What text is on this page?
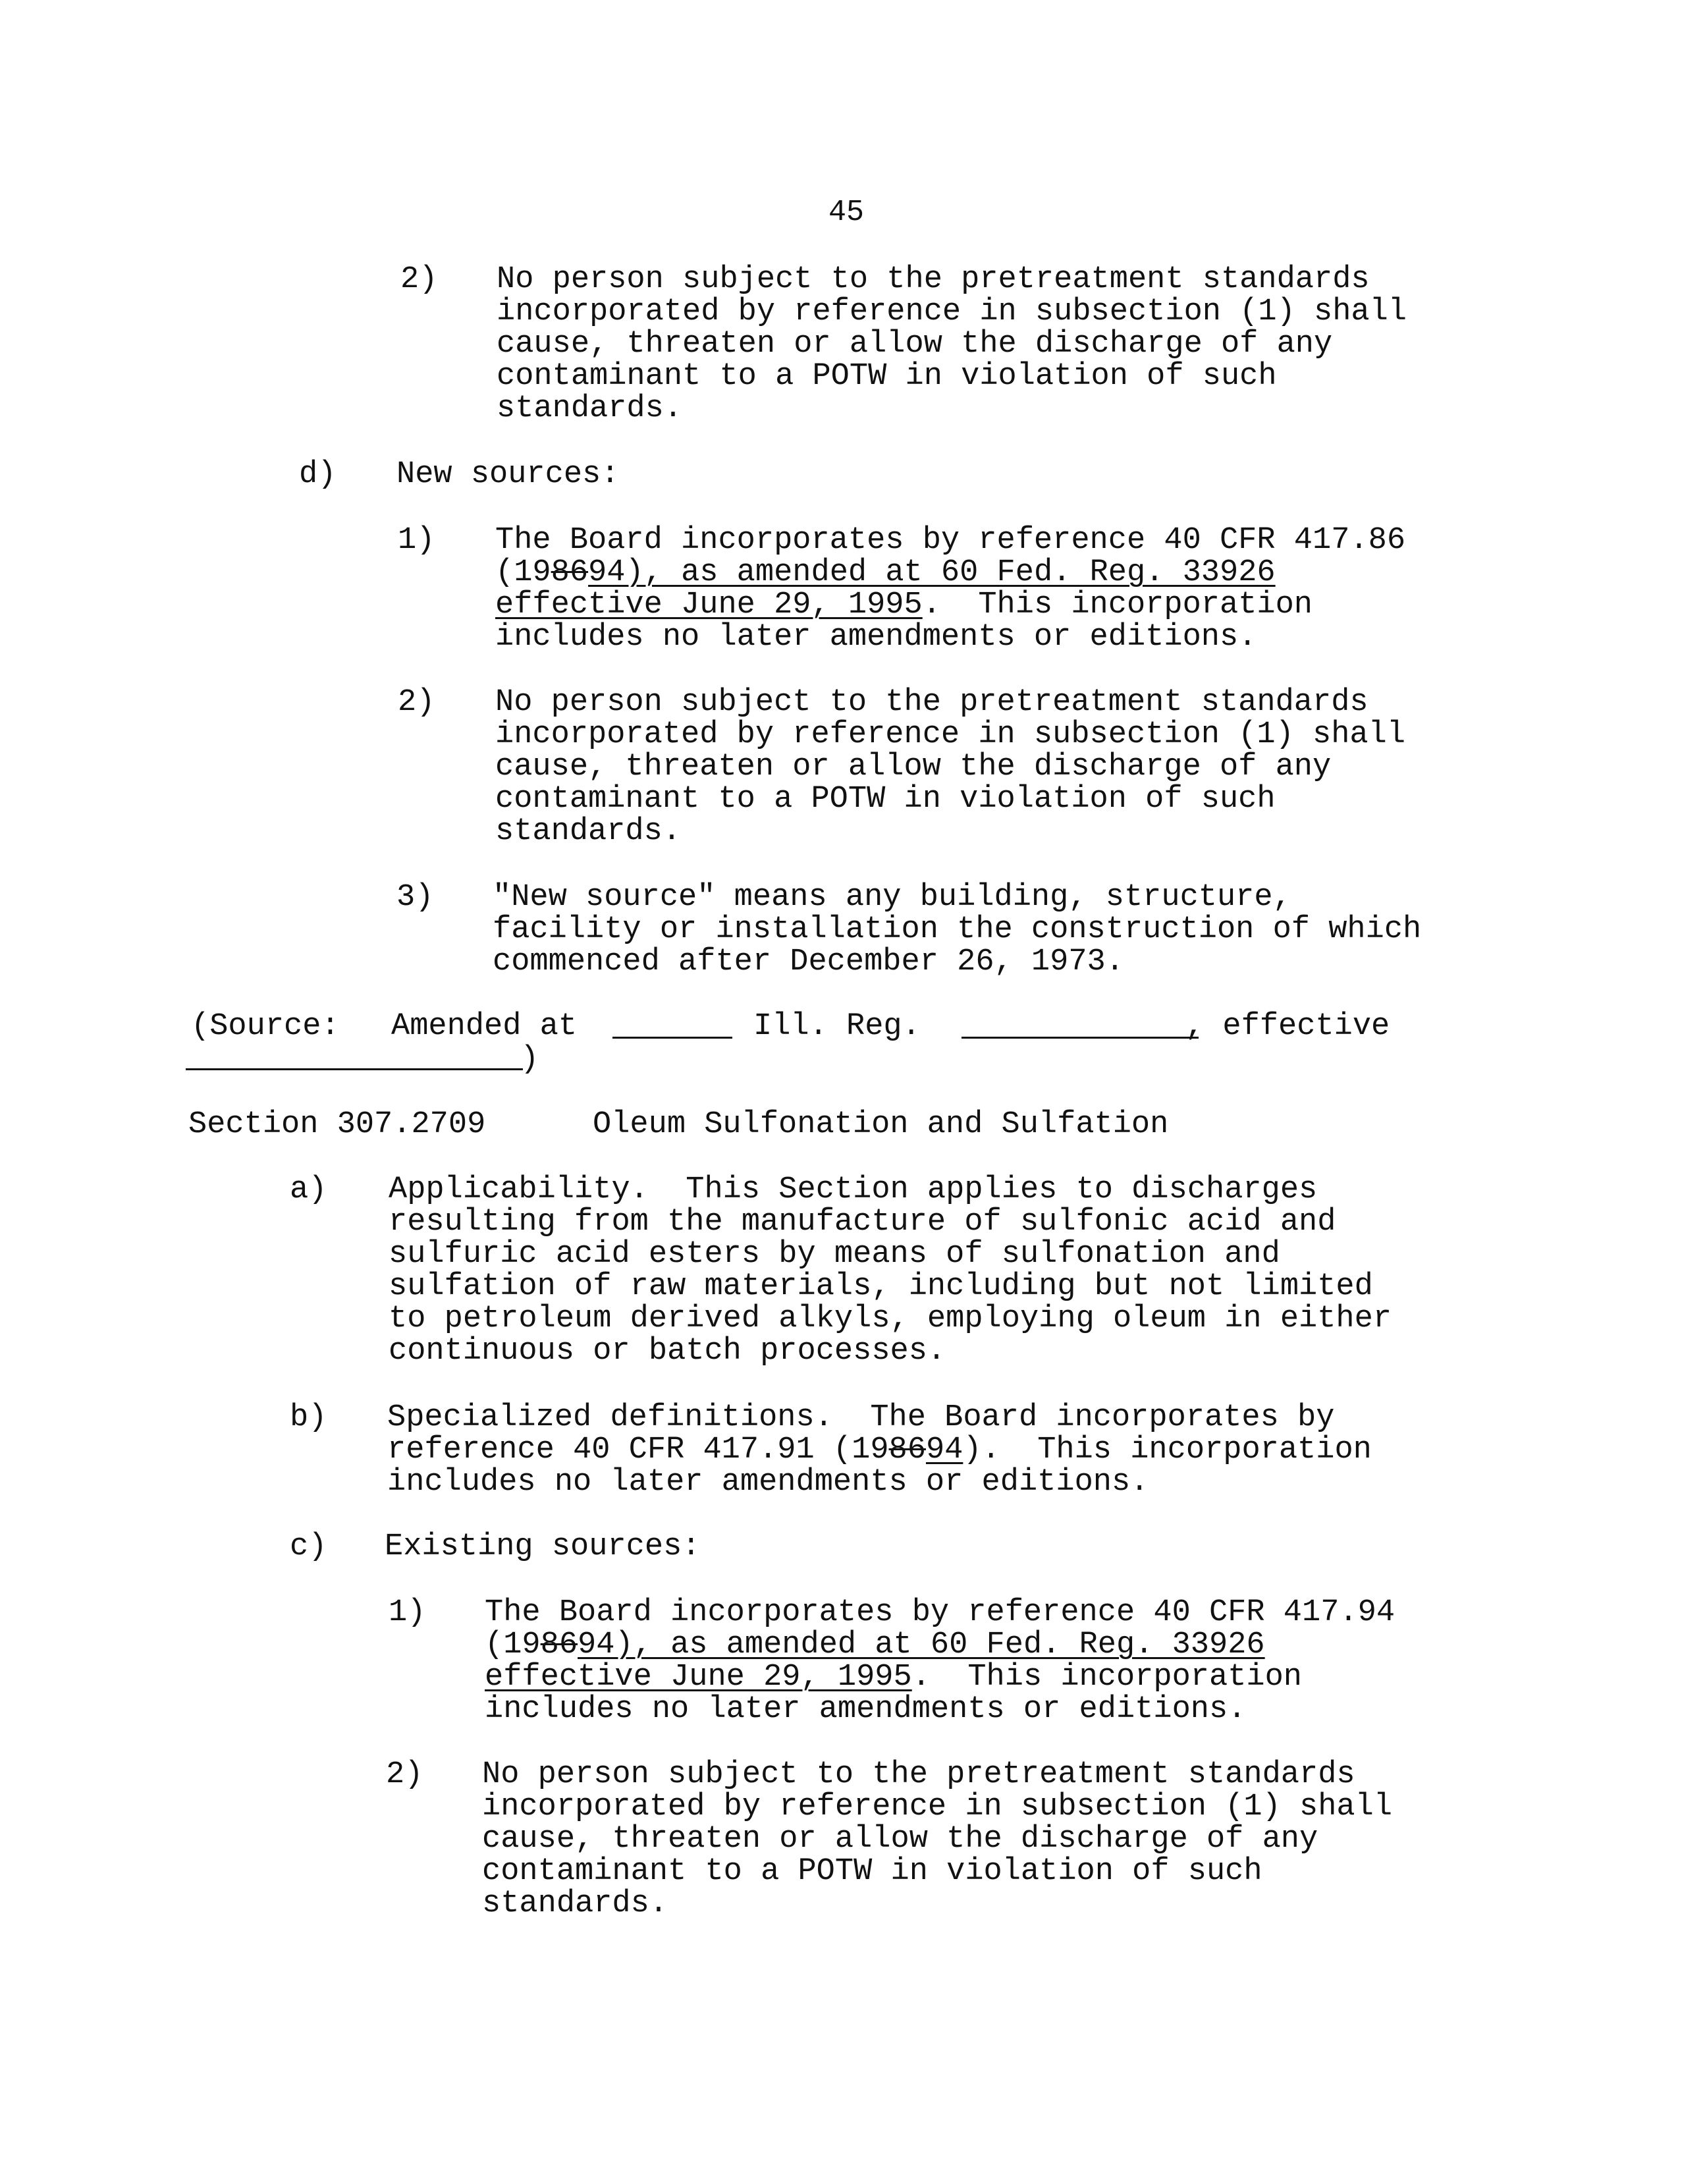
45
2) No person subject to the pretreatment standards
incorporated by reference in subsection (1) shall
cause, threaten or allow the discharge of any
contaminant to a POTW in violation of such
standards.
d) New sources:
1) The Board incorporates by reference 40 CFR 417.86
(198694), as amended at 60 Fed. Reg. 33926
effective June 29, 1995.  This incorporation
includes no later amendments or editions.
2) No person subject to the pretreatment standards
incorporated by reference in subsection (1) shall
cause, threaten or allow the discharge of any
contaminant to a POTW in violation of such
standards.
3) "New source" means any building, structure,
facility or installation the construction of which
commenced after December 26, 1973.
(Source: Amended at	Ill. Reg.	, effective
)
Section 307.2709	Oleum Sulfonation and Sulfation
a) Applicability.  This Section applies to discharges
resulting from the manufacture of sulfonic acid and
sulfuric acid esters by means of sulfonation and
sulfation of raw materials, including but not limited
to petroleum derived alkyls, employing oleum in either
continuous or batch processes.
b) Specialized definitions.  The Board incorporates by
reference 40 CFR 417.91 (198694).  This incorporation
includes no later amendments or editions.
c) Existing sources:
1) The Board incorporates by reference 40 CFR 417.94
(198694), as amended at 60 Fed. Reg. 33926
effective June 29, 1995.  This incorporation
includes no later amendments or editions.
2) No person subject to the pretreatment standards
incorporated by reference in subsection (1) shall
cause, threaten or allow the discharge of any
contaminant to a POTW in violation of such
standards.
